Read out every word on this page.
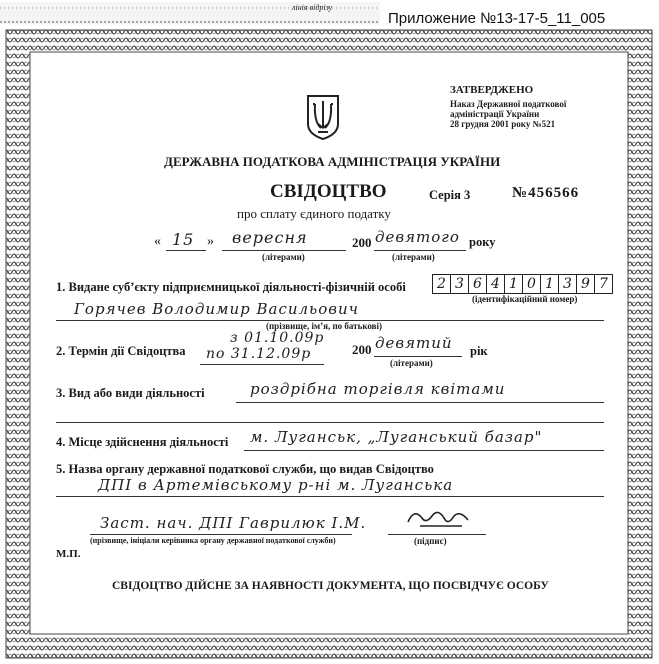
лінія відрізу
Приложение №13-17-5_11_005
ЗАТВЕРДЖЕНО
Наказ Державної податкової
адміністрації України
28 грудня 2001 року №521
ДЕРЖАВНА ПОДАТКОВА АДМІНІСТРАЦІЯ УКРАЇНИ
СВІДОЦТВО	Серія 3	№456566
про сплату єдиного податку
« 15 » вересня
(літерами)
200 девятого
(літерами)
року
1. Видане суб’єкту підприємницької діяльності-фізичній особі 2 3 6 4 1 0 1 3 9 7
(ідентифікаційний номер)
Горячев Володимир Васильович
(прізвище, ім’я, по батькові)
2. Термін дії Свідоцтва
з 01.10.09р
по 31.12.09р	200 девятий
(літерами)
рік
3. Вид або види діяльності	роздрібна торгівля квітами
4. Місце здійснення діяльності м. Луганськ, „Луганський базар"
5. Назва органу державної податкової служби, що видав Свідоцтво
ДПІ в Артемівському р-ні м. Луганська
Заст. нач. ДПІ Гаврилюк І.М.
(прізвище, ініціали керівника органу державної податкової служби)	(підпис)
М.П.
СВІДОЦТВО ДІЙСНЕ ЗА НАЯВНОСТІ ДОКУМЕНТА, ЩО ПОСВІДЧУЄ ОСОБУ
